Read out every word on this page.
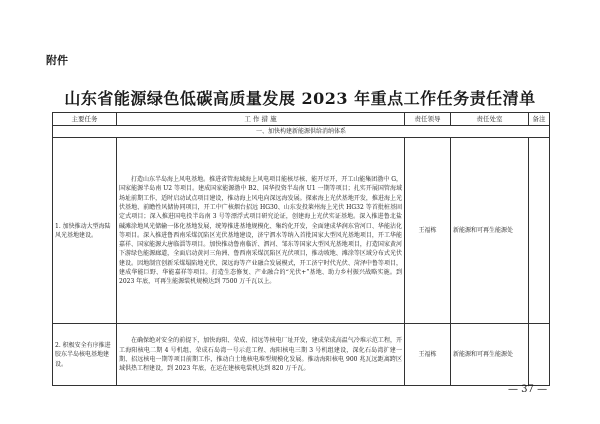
附件
山东省能源绿色低碳高质量发展 2023 年重点工作任务责任清单
主要任务	工 作 措 施	责任领导	责任处室	备注
一、加快构建新能源供给消纳体系				
1. 加快推动大型海陆风光基地建设。	打造山东半岛海上风电基地。推进省管海域海上风电项目能核尽核、能开尽开，开工山能集团渤中 G，国家能源半岛南 U2 等项目。建成国家能源渤中 B2、国华投资半岛南 U1 一期等项目；扎实开展国管海域场址前期工作，适时启动试点项目建设，推动海上风电向深远海发展。探索海上光伏基地开发，推进海上光伏基地、前瞻性风储协同项目，开工中广核烟台招远 HG30、山东发投莱州海上光伏 HG32 等首批桩基固定式项目；深入推进国电投半岛南 3 号等漂浮式项目研究论证，创建海上光伏实证基地。深入推进鲁北盐碱滩涂地风光储输一体化基地发展，统筹推进基地规模化、集约化开发，全面建成华润东营河口、华能沾化等项目。深入推进鲁西南采煤沉陷区光伏基地建设，济宁泗水等纳入首批国家大型风光基地项目，开工华能嘉祥、国家能源大唐临淄等项目。加快推动鲁南临沂、泗河、邹东等国家大型风光基地项目，打造国家黄河下游绿色能源廊道，全面启动黄河三角洲、鲁西南采煤沉陷区光伏项目，推动坡地、滩涂等区域分布式光伏建设。因地制宜创新采煤塌陷地光伏、深远海等产业融合发展模式，开工济宁时代光伏、菏泽中鲁等项目，建成华能巨野、华能嘉祥等项目。打造生态修复、产业融合的“光伏+”基地、助力乡村振兴战略实施。到 2023 年底，可再生能源装机规模达到 7500 万千瓦以上。	王福栋	新能源和可再生能源处	
2. 积极安全有序推进胶东半岛核电基地建设。	在确保绝对安全的前提下，加快海阳、荣成、招远等核电厂址开发，建成荣成高温气冷堆示范工程，开工海阳核电二期 4 号机组、荣成石岛湾一号示范工程、海阳核电三期 3 号机组建设，深化石岛湾扩建一期、招远核电一期等项目前期工作，推动白土地核电堆型规模化发展。推动海阳核电 900 兆瓦远距离跨区域供热工程建设，到 2023 年底，在运在建核电装机达到 820 万千瓦。	王福栋	新能源和可再生能源处	
— 37 —
